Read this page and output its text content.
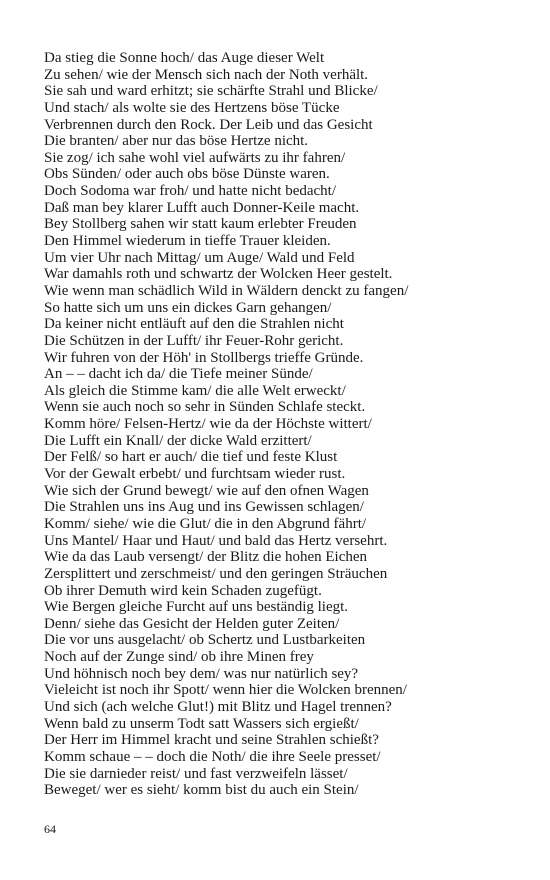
Da stieg die Sonne hoch/ das Auge dieser Welt
Zu sehen/ wie der Mensch sich nach der Noth verhält.
Sie sah und ward erhitzt; sie schärfte Strahl und Blicke/
Und stach/ als wolte sie des Hertzens böse Tücke
Verbrennen durch den Rock. Der Leib und das Gesicht
Die branten/ aber nur das böse Hertze nicht.
Sie zog/ ich sahe wohl viel aufwärts zu ihr fahren/
Obs Sünden/ oder auch obs böse Dünste waren.
Doch Sodoma war froh/ und hatte nicht bedacht/
Daß man bey klarer Lufft auch Donner-Keile macht.
Bey Stollberg sahen wir statt kaum erlebter Freuden
Den Himmel wiederum in tieffe Trauer kleiden.
Um vier Uhr nach Mittag/ um Auge/ Wald und Feld
War damahls roth und schwartz der Wolcken Heer gestelt.
Wie wenn man schädlich Wild in Wäldern denckt zu fangen/
So hatte sich um uns ein dickes Garn gehangen/
Da keiner nicht entläuft auf den die Strahlen nicht
Die Schützen in der Lufft/ ihr Feuer-Rohr gericht.
Wir fuhren von der Höh' in Stollbergs trieffe Gründe.
An – – dacht ich da/ die Tiefe meiner Sünde/
Als gleich die Stimme kam/ die alle Welt erweckt/
Wenn sie auch noch so sehr in Sünden Schlafe steckt.
Komm höre/ Felsen-Hertz/ wie da der Höchste wittert/
Die Lufft ein Knall/ der dicke Wald erzittert/
Der Felß/ so hart er auch/ die tief und feste Klust
Vor der Gewalt erbebt/ und furchtsam wieder rust.
Wie sich der Grund bewegt/ wie auf den ofnen Wagen
Die Strahlen uns ins Aug und ins Gewissen schlagen/
Komm/ siehe/ wie die Glut/ die in den Abgrund fährt/
Uns Mantel/ Haar und Haut/ und bald das Hertz versehrt.
Wie da das Laub versengt/ der Blitz die hohen Eichen
Zersplittert und zerschmeist/ und den geringen Sträuchen
Ob ihrer Demuth wird kein Schaden zugefügt.
Wie Bergen gleiche Furcht auf uns beständig liegt.
Denn/ siehe das Gesicht der Helden guter Zeiten/
Die vor uns ausgelacht/ ob Schertz und Lustbarkeiten
Noch auf der Zunge sind/ ob ihre Minen frey
Und höhnisch noch bey dem/ was nur natürlich sey?
Vieleicht ist noch ihr Spott/ wenn hier die Wolcken brennen/
Und sich (ach welche Glut!) mit Blitz und Hagel trennen?
Wenn bald zu unserm Todt satt Wassers sich ergießt/
Der Herr im Himmel kracht und seine Strahlen schießt?
Komm schaue – – doch die Noth/ die ihre Seele presset/
Die sie darnieder reist/ und fast verzweifeln lässet/
Beweget/ wer es sieht/ komm bist du auch ein Stein/
64
